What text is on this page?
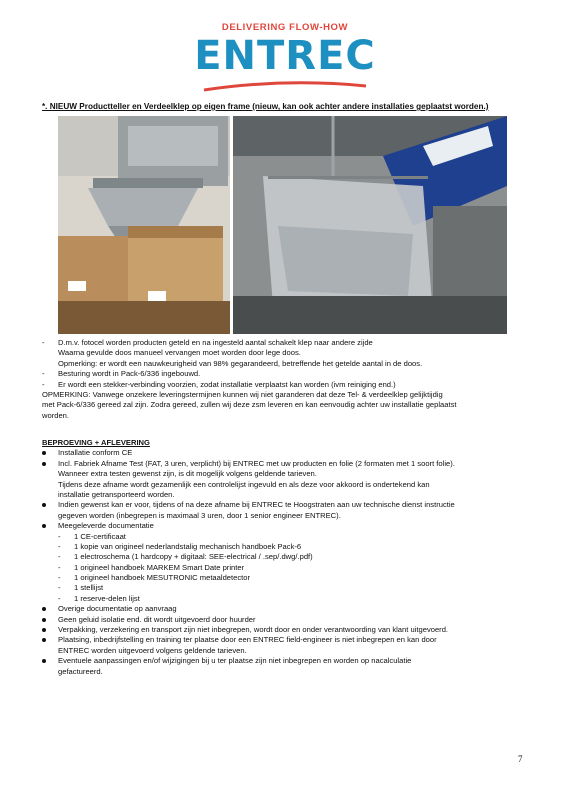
DELIVERING FLOW-HOW
ENTREC
*. NIEUW Productteller en Verdeelklep op eigen frame (nieuw, kan ook achter andere installaties geplaatst worden.)
- D.m.v. fotocel worden producten geteld en na ingesteld aantal schakelt klep naar andere zijde
Waarna gevulde doos manueel vervangen moet worden door lege doos.
Opmerking: er wordt een nauwkeurigheid van 98% gegarandeerd, betreffende het getelde aantal in de doos.
- Besturing wordt in Pack-6/336 ingebouwd.
- Er wordt een stekker-verbinding voorzien, zodat installatie verplaatst kan worden (ivm reiniging end.)
OPMERKING: Vanwege onzekere leveringstermijnen kunnen wij niet garanderen dat deze Tel- & verdeelklep gelijktijdig
met Pack-6/336 gereed zal zijn. Zodra gereed, zullen wij deze zsm leveren en kan eenvoudig achter uw installatie geplaatst
worden.
BEPROEVING + AFLEVERING
Installatie conform CE
Incl. Fabriek Afname Test (FAT, 3 uren, verplicht) bij ENTREC met uw producten en folie (2 formaten met 1 soort folie).
Wanneer extra testen gewenst zijn, is dit mogelijk volgens geldende tarieven.
Tijdens deze afname wordt gezamenlijk een controlelijst ingevuld en als deze voor akkoord is ondertekend kan
installatie getransporteerd worden.
Indien gewenst kan er voor, tijdens of na deze afname bij ENTREC te Hoogstraten aan uw technische dienst instructie
gegeven worden (inbegrepen is maximaal 3 uren, door 1 senior engineer ENTREC).
Meegeleverde documentatie
- 1 CE-certificaat
- 1 kopie van origineel nederlandstalig mechanisch handboek Pack-6
- 1 electroschema (1 hardcopy + digitaal: SEE-electrical / .sep/.dwg/.pdf)
- 1 origineel handboek MARKEM Smart Date printer
- 1 origineel handboek MESUTRONIC metaaldetector
- 1 stellijst
- 1 reserve-delen lijst
Overige documentatie op aanvraag
Geen geluid isolatie end. dit wordt uitgevoerd door huurder
Verpakking, verzekering en transport zijn niet inbegrepen, wordt door en onder verantwoording van klant uitgevoerd.
Plaatsing, inbedrijfstelling en training ter plaatse door een ENTREC field-engineer is niet inbegrepen en kan door
ENTREC worden uitgevoerd volgens geldende tarieven.
Eventuele aanpassingen en/of wijzigingen bij u ter plaatse zijn niet inbegrepen en worden op nacalculatie
gefactureerd.
7
